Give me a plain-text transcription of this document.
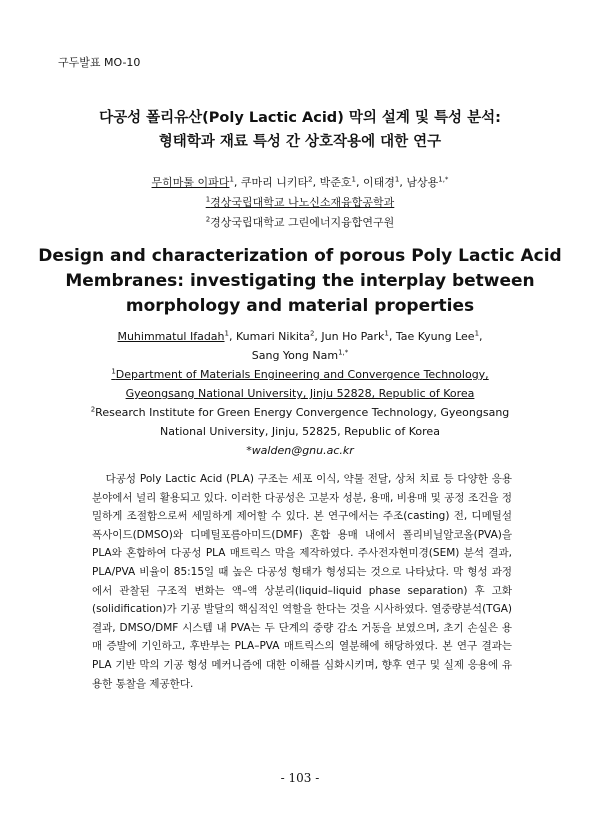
구두발표 MO-10
다공성 폴리유산(Poly Lactic Acid) 막의 설계 및 특성 분석:
형태학과 재료 특성 간 상호작용에 대한 연구
무히마툴 이파다$^1$, 쿠마리 니키타$^2$, 박준호$^1$, 이태경$^1$, 남상용$^{1,*}$
$^1$경상국립대학교 나노신소재융합공학과
$^2$경상국립대학교 그린에너지융합연구원
Design and characterization of porous Poly Lactic Acid
Membranes: investigating the interplay between
morphology and material properties
Muhimmatul Ifadah$^1$, Kumari Nikita$^2$, Jun Ho Park$^1$, Tae Kyung Lee$^1$,
Sang Yong Nam$^{1,*}$
$^1$Department of Materials Engineering and Convergence Technology,
Gyeongsang National University, Jinju 52828, Republic of Korea
$^2$Research Institute for Green Energy Convergence Technology, Gyeongsang
National University, Jinju, 52825, Republic of Korea
*walden@gnu.ac.kr

다공성 Poly Lactic Acid (PLA) 구조는 세포 이식, 약물 전달, 상처 치료 등 다양한 응용 분야에서 널리 활용되고 있다. 이러한 다공성은 고분자 성분, 용매, 비용매 및 공정 조건을 정밀하게 조절함으로써 세밀하게 제어할 수 있다. 본 연구에서는 주조(casting) 전, 디메틸설폭사이드(DMSO)와 디메틸포름아미드(DMF) 혼합 용매 내에서 폴리비닐알코올(PVA)을 PLA와 혼합하여 다공성 PLA 매트릭스 막을 제작하였다. 주사전자현미경(SEM) 분석 결과, PLA/PVA 비율이 85:15일 때 높은 다공성 형태가 형성되는 것으로 나타났다. 막 형성 과정에서 관찰된 구조적 변화는 액–액 상분리(liquid–liquid phase separation) 후 고화(solidification)가 기공 발달의 핵심적인 역할을 한다는 것을 시사하였다. 열중량분석(TGA) 결과, DMSO/DMF 시스템 내 PVA는 두 단계의 중량 감소 거동을 보였으며, 초기 손실은 용매 증발에 기인하고, 후반부는 PLA–PVA 매트릭스의 열분해에 해당하였다. 본 연구 결과는 PLA 기반 막의 기공 형성 메커니즘에 대한 이해를 심화시키며, 향후 연구 및 실제 응용에 유용한 통찰을 제공한다.

- 103 -
